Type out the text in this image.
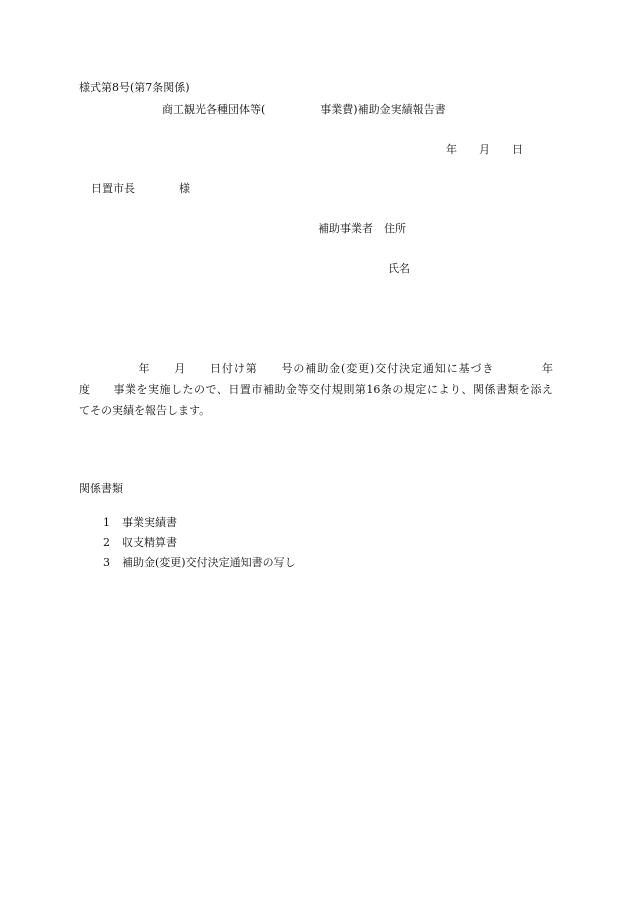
様式第8号(第7条関係)
商工観光各種団体等(　　　　　事業費)補助金実績報告書
年　　月　　日
日置市長　　　　様
補助事業者　住所
氏名
　　　　　年　　月　　日付け第　　号の補助金(変更)交付決定通知に基づき　　　　年
度　　事業を実施したので、日置市補助金等交付規則第16条の規定により、関係書類を添え
てその実績を報告します。
関係書類

1 事業実績書

2 収支精算書

3 補助金(変更)交付決定通知書の写し
